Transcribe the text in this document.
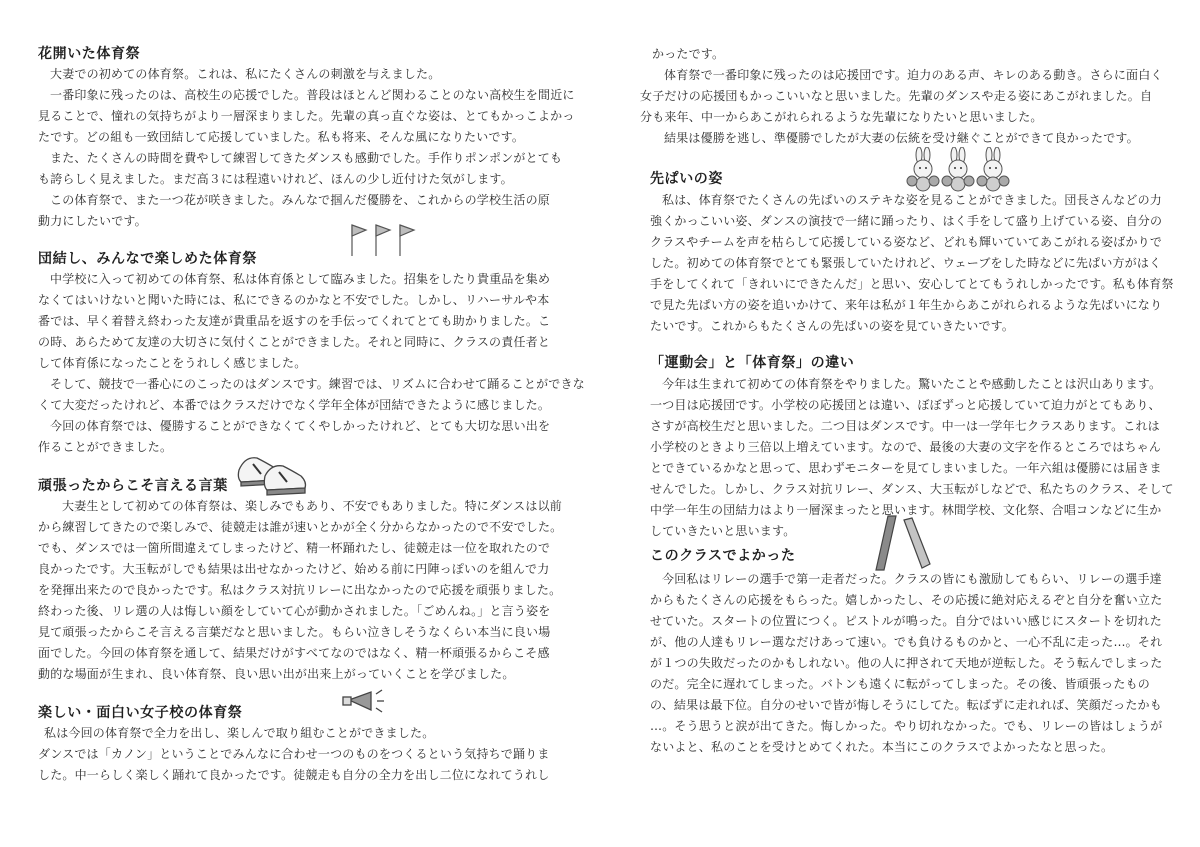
花開いた体育祭
大妻での初めての体育祭。これは、私にたくさんの刺激を与えました。
一番印象に残ったのは、高校生の応援でした。普段はほとんど関わることのない高校生を間近に
見ることで、憧れの気持ちがより一層深まりました。先輩の真っ直ぐな姿は、とてもかっこよかっ
たです。どの組も一致団結して応援していました。私も将来、そんな風になりたいです。
また、たくさんの時間を費やして練習してきたダンスも感動でした。手作りポンポンがとても
も誇らしく見えました。まだ高３には程遠いけれど、ほんの少し近付けた気がします。
この体育祭で、また一つ花が咲きました。みんなで掴んだ優勝を、これからの学校生活の原
動力にしたいです。
団結し、みんなで楽しめた体育祭
中学校に入って初めての体育祭、私は体育係として臨みました。招集をしたり貴重品を集め
なくてはいけないと聞いた時には、私にできるのかなと不安でした。しかし、リハーサルや本
番では、早く着替え終わった友達が貴重品を返すのを手伝ってくれてとても助かりました。こ
の時、あらためて友達の大切さに気付くことができました。それと同時に、クラスの責任者と
して体育係になったことをうれしく感じました。
そして、競技で一番心にのこったのはダンスです。練習では、リズムに合わせて踊ることができな
くて大変だったけれど、本番ではクラスだけでなく学年全体が団結できたように感じました。
今回の体育祭では、優勝することができなくてくやしかったけれど、とても大切な思い出を
作ることができました。
頑張ったからこそ言える言葉
大妻生として初めての体育祭は、楽しみでもあり、不安でもありました。特にダンスは以前
から練習してきたので楽しみで、徒競走は誰が速いとかが全く分からなかったので不安でした。
でも、ダンスでは一箇所間違えてしまったけど、精一杯踊れたし、徒競走は一位を取れたので
良かったです。大玉転がしでも結果は出せなかったけど、始める前に円陣っぽいのを組んで力
を発揮出来たので良かったです。私はクラス対抗リレーに出なかったので応援を頑張りました。
終わった後、リレ選の人は悔しい顔をしていて心が動かされました。「ごめんね。」と言う姿を
見て頑張ったからこそ言える言葉だなと思いました。もらい泣きしそうなくらい本当に良い場
面でした。今回の体育祭を通して、結果だけがすべてなのではなく、精一杯頑張るからこそ感
動的な場面が生まれ、良い体育祭、良い思い出が出来上がっていくことを学びました。
楽しい・面白い女子校の体育祭
私は今回の体育祭で全力を出し、楽しんで取り組むことができました。
ダンスでは「カノン」ということでみんなに合わせ一つのものをつくるという気持ちで踊りま
した。中一らしく楽しく踊れて良かったです。徒競走も自分の全力を出し二位になれてうれし
かったです。
体育祭で一番印象に残ったのは応援団です。迫力のある声、キレのある動き。さらに面白く
女子だけの応援団もかっこいいなと思いました。先輩のダンスや走る姿にあこがれました。自
分も来年、中一からあこがれられるような先輩になりたいと思いました。
結果は優勝を逃し、準優勝でしたが大妻の伝統を受け継ぐことができて良かったです。
先ぱいの姿
私は、体育祭でたくさんの先ぱいのステキな姿を見ることができました。団長さんなどの力
強くかっこいい姿、ダンスの演技で一緒に踊ったり、はく手をして盛り上げている姿、自分の
クラスやチームを声を枯らして応援している姿など、どれも輝いていてあこがれる姿ばかりで
した。初めての体育祭でとても緊張していたけれど、ウェーブをした時などに先ぱい方がはく
手をしてくれて「きれいにできたんだ」と思い、安心してとてもうれしかったです。私も体育祭
で見た先ぱい方の姿を追いかけて、来年は私が１年生からあこがれられるような先ぱいになり
たいです。これからもたくさんの先ぱいの姿を見ていきたいです。
「運動会」と「体育祭」の違い
今年は生まれて初めての体育祭をやりました。驚いたことや感動したことは沢山あります。
一つ目は応援団です。小学校の応援団とは違い、ぼぼずっと応援していて迫力がとてもあり、
さすが高校生だと思いました。二つ目はダンスです。中一は一学年七クラスあります。これは
小学校のときより三倍以上増えています。なので、最後の大妻の文字を作るところではちゃん
とできているかなと思って、思わずモニターを見てしまいました。一年六組は優勝には届きま
せんでした。しかし、クラス対抗リレー、ダンス、大玉転がしなどで、私たちのクラス、そして
中学一年生の団結力はより一層深まったと思います。林間学校、文化祭、合唱コンなどに生か
していきたいと思います。
このクラスでよかった
今回私はリレーの選手で第一走者だった。クラスの皆にも激励してもらい、リレーの選手達
からもたくさんの応援をもらった。嬉しかったし、その応援に絶対応えるぞと自分を奮い立た
せていた。スタートの位置につく。ピストルが鳴った。自分ではいい感じにスタートを切れた
が、他の人達もリレー選なだけあって速い。でも負けるものかと、一心不乱に走った…。それ
が１つの失敗だったのかもしれない。他の人に押されて天地が逆転した。そう転んでしまった
のだ。完全に遅れてしまった。バトンも遠くに転がってしまった。その後、皆頑張ったもの
の、結果は最下位。自分のせいで皆が悔しそうにしてた。転ばずに走れれば、笑顔だったかも
…。そう思うと涙が出てきた。悔しかった。やり切れなかった。でも、リレーの皆はしょうが
ないよと、私のことを受けとめてくれた。本当にこのクラスでよかったなと思った。
